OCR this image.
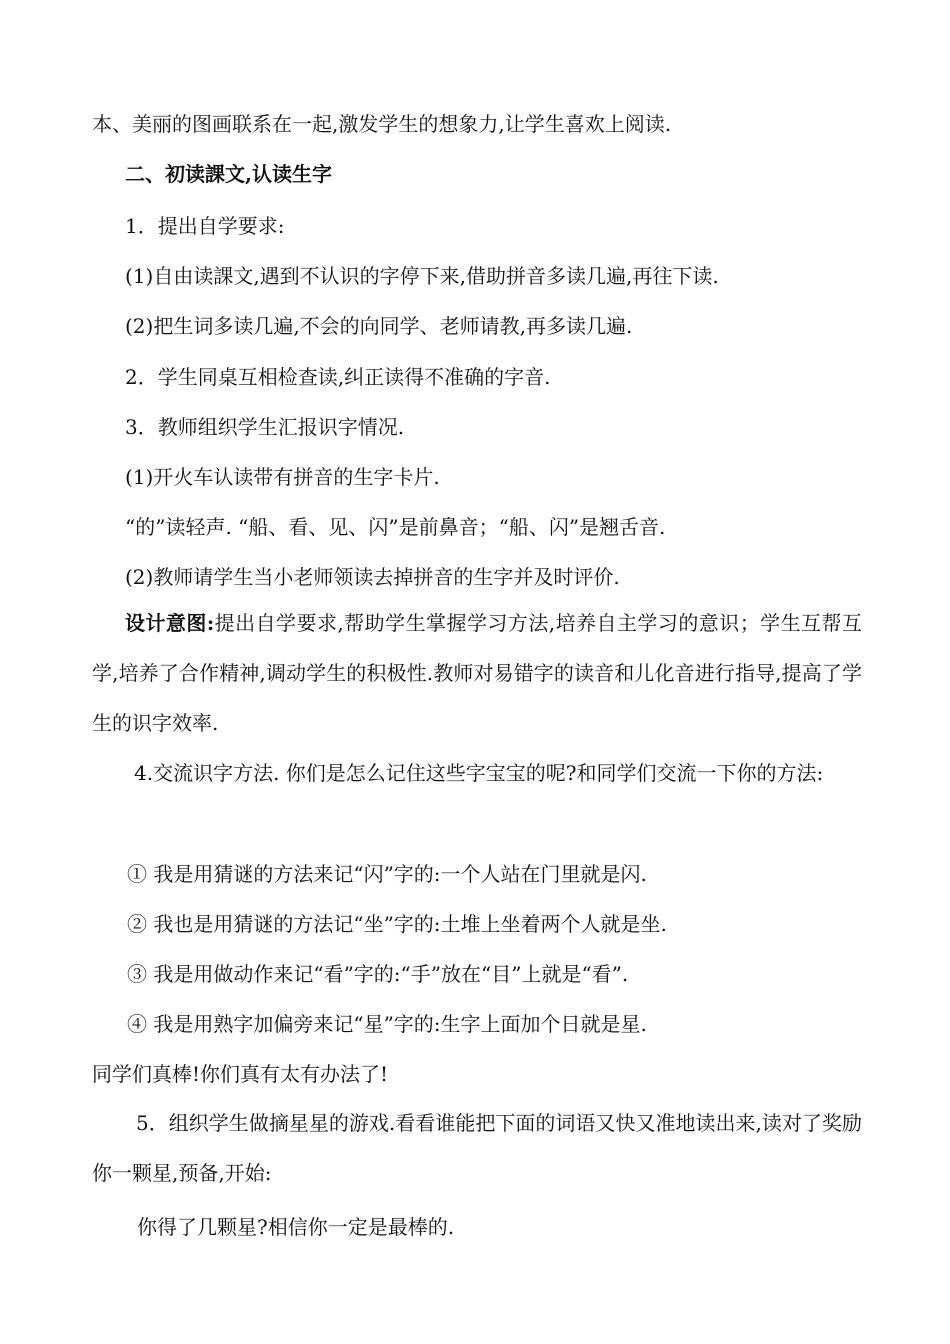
本、美丽的图画联系在一起,激发学生的想象力,让学生喜欢上阅读.
二、初读課文,认读生字
1．提出自学要求:
(1)自由读課文,遇到不认识的字停下来,借助拼音多读几遍,再往下读.
(2)把生词多读几遍,不会的向同学、老师请教,再多读几遍.
2．学生同桌互相检查读,纠正读得不准确的字音.
3．教师组织学生汇报识字情况.
(1)开火车认读带有拼音的生字卡片.
“的”读轻声. “船、看、见、闪”是前鼻音；“船、闪”是翘舌音.
(2)教师请学生当小老师领读去掉拼音的生字并及时评价.
设计意图:提出自学要求,帮助学生掌握学习方法,培养自主学习的意识；学生互帮互学,培养了合作精神,调动学生的积极性.教师对易错字的读音和儿化音进行指导,提高了学生的识字效率.
4.交流识字方法. 你们是怎么记住这些字宝宝的呢?和同学们交流一下你的方法:
① 我是用猜谜的方法来记“闪”字的:一个人站在门里就是闪.
② 我也是用猜谜的方法记“坐”字的:土堆上坐着两个人就是坐.
③ 我是用做动作来记“看”字的:“手”放在“目”上就是“看”.
④ 我是用熟字加偏旁来记“星”字的:生字上面加个日就是星.
同学们真棒!你们真有太有办法了!
5．组织学生做摘星星的游戏.看看谁能把下面的词语又快又准地读出来,读对了奖励你一颗星,预备,开始:
你得了几颗星?相信你一定是最棒的.
